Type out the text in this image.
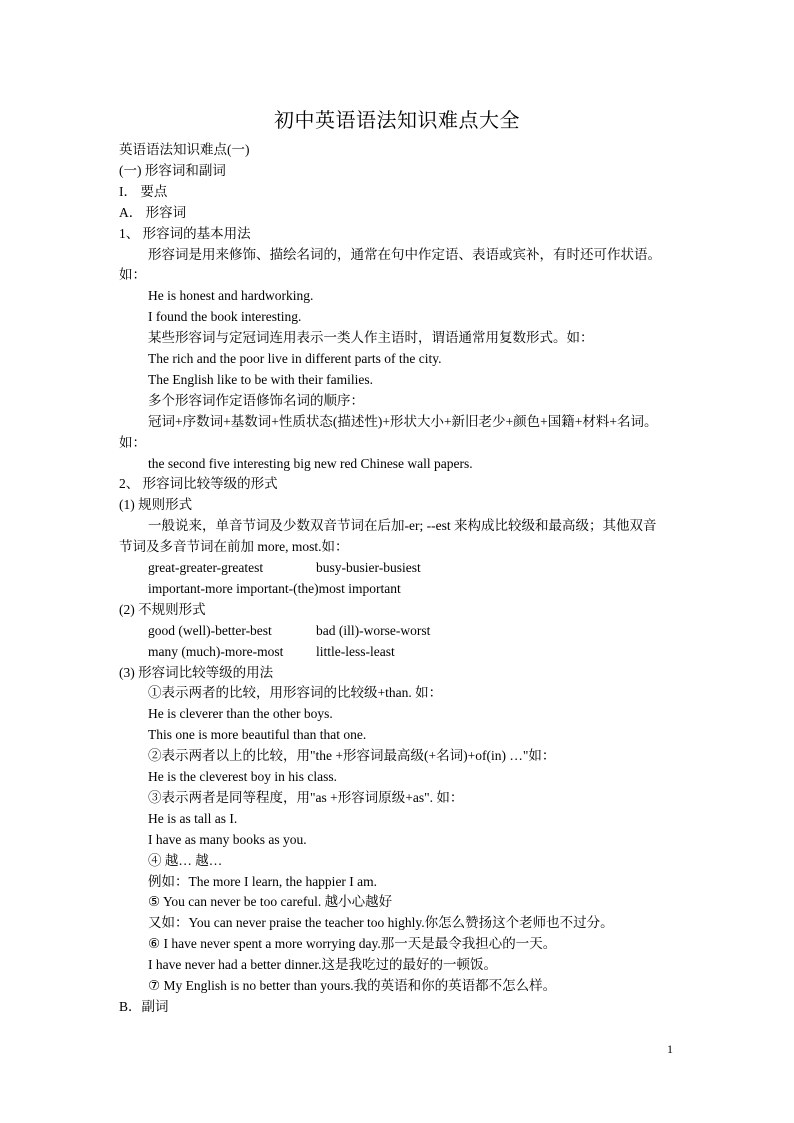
初中英语语法知识难点大全
英语语法知识难点(一)
(一) 形容词和副词
I． 要点
A． 形容词
1、 形容词的基本用法
形容词是用来修饰、描绘名词的，通常在句中作定语、表语或宾补，有时还可作状语。
如：
He is honest and hardworking.
I found the book interesting.
某些形容词与定冠词连用表示一类人作主语时，谓语通常用复数形式。如：
The rich and the poor live in different parts of the city.
The English like to be with their families.
多个形容词作定语修饰名词的顺序：
冠词+序数词+基数词+性质状态(描述性)+形状大小+新旧老少+颜色+国籍+材料+名词。
如：
the second five interesting big new red Chinese wall papers.
2、 形容词比较等级的形式
(1) 规则形式
一般说来，单音节词及少数双音节词在后加-er; --est 来构成比较级和最高级；其他双音
节词及多音节词在前加 more, most.如：
great-greater-greatest	busy-busier-busiest
important-more important-(the)most important
(2) 不规则形式
good (well)-better-best	bad (ill)-worse-worst
many (much)-more-most little-less-least
(3) 形容词比较等级的用法
①表示两者的比较，用形容词的比较级+than. 如：
He is cleverer than the other boys.
This one is more beautiful than that one.
②表示两者以上的比较，用"the +形容词最高级(+名词)+of(in) …"如：
He is the cleverest boy in his class.
③表示两者是同等程度，用"as +形容词原级+as". 如：
He is as tall as I.
I have as many books as you.
④ 越… 越…
例如：The more I learn, the happier I am.
⑤ You can never be too careful. 越小心越好
又如：You can never praise the teacher too highly.你怎么赞扬这个老师也不过分。
⑥ I have never spent a more worrying day.那一天是最令我担心的一天。
I have never had a better dinner.这是我吃过的最好的一顿饭。
⑦ My English is no better than yours.我的英语和你的英语都不怎么样。
B．副词
1
